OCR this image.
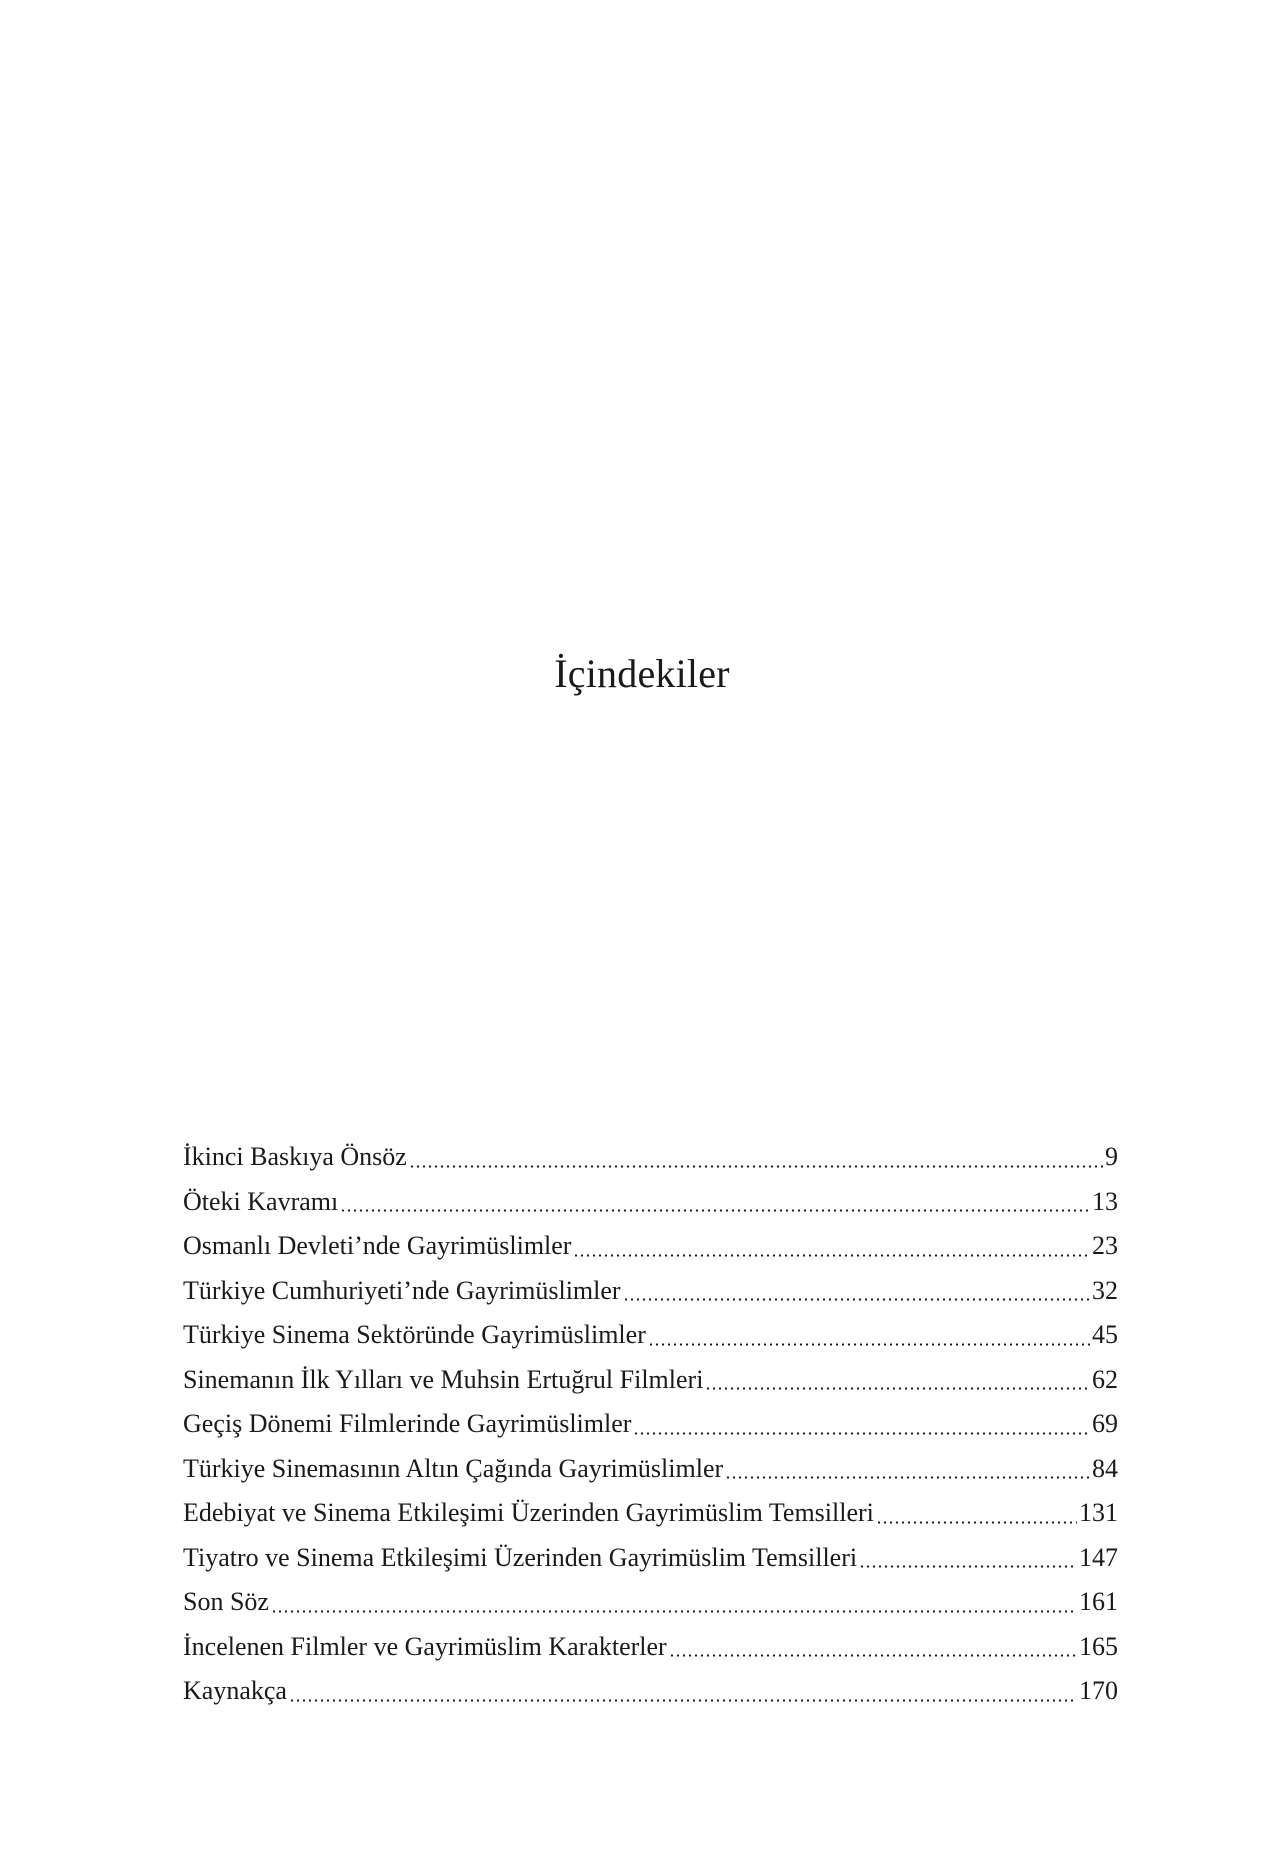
İçindekiler
İkinci Baskıya Önsöz	9
Öteki Kavramı	13
Osmanlı Devleti’nde Gayrimüslimler	23
Türkiye Cumhuriyeti’nde Gayrimüslimler	32
Türkiye Sinema Sektöründe Gayrimüslimler	45
Sinemanın İlk Yılları ve Muhsin Ertuğrul Filmleri	62
Geçiş Dönemi Filmlerinde Gayrimüslimler	69
Türkiye Sinemasının Altın Çağında Gayrimüslimler	84
Edebiyat ve Sinema Etkileşimi Üzerinden Gayrimüslim Temsilleri	131
Tiyatro ve Sinema Etkileşimi Üzerinden Gayrimüslim Temsilleri	147
Son Söz	161
İncelenen Filmler ve Gayrimüslim Karakterler	165
Kaynakça	170
